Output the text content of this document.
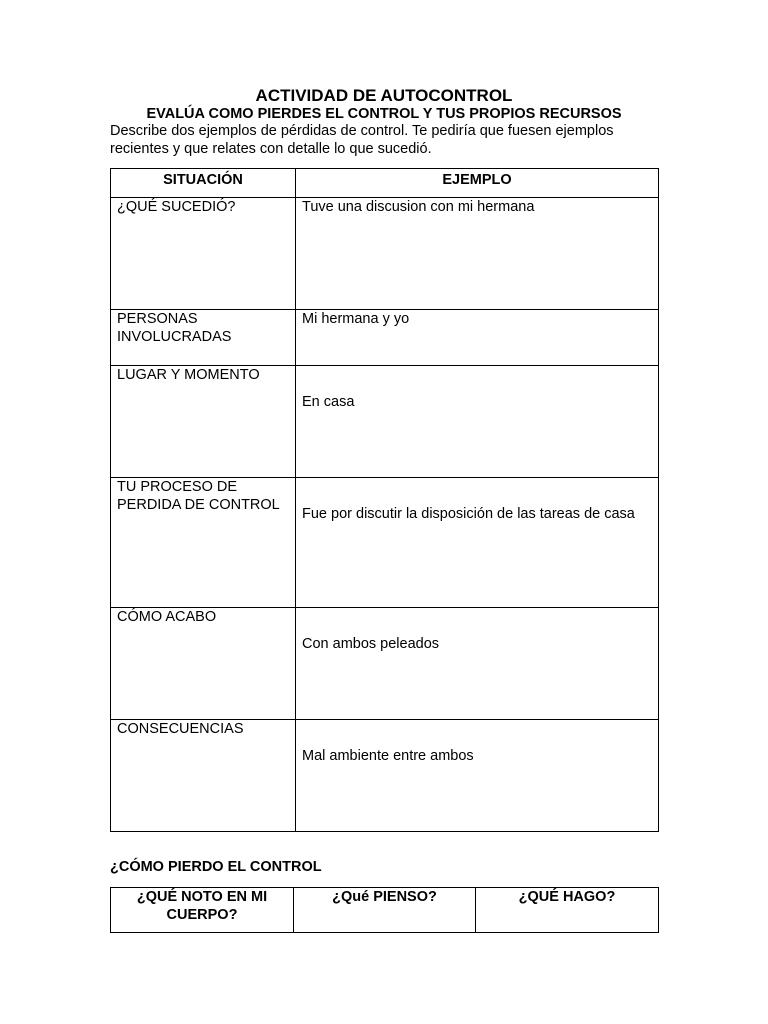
ACTIVIDAD DE AUTOCONTROL
EVALÚA COMO PIERDES EL CONTROL Y TUS PROPIOS RECURSOS
Describe dos ejemplos de pérdidas de control. Te pediría que fuesen ejemplos recientes y que relates con detalle lo que sucedió.
SITUACIÓN	EJEMPLO
¿QUÉ SUCEDIÓ?	Tuve una discusion con mi hermana

PERSONAS INVOLUCRADAS	Mi hermana y yo

LUGAR Y MOMENTO	En casa

TU PROCESO DE PERDIDA DE CONTROL	Fue por discutir la disposición de las tareas de casa

CÓMO ACABO	Con ambos peleados

CONSECUENCIAS	Mal ambiente entre ambos
¿CÓMO PIERDO EL CONTROL
¿QUÉ NOTO EN MI CUERPO?	¿Qué PIENSO?	¿QUÉ HAGO?
